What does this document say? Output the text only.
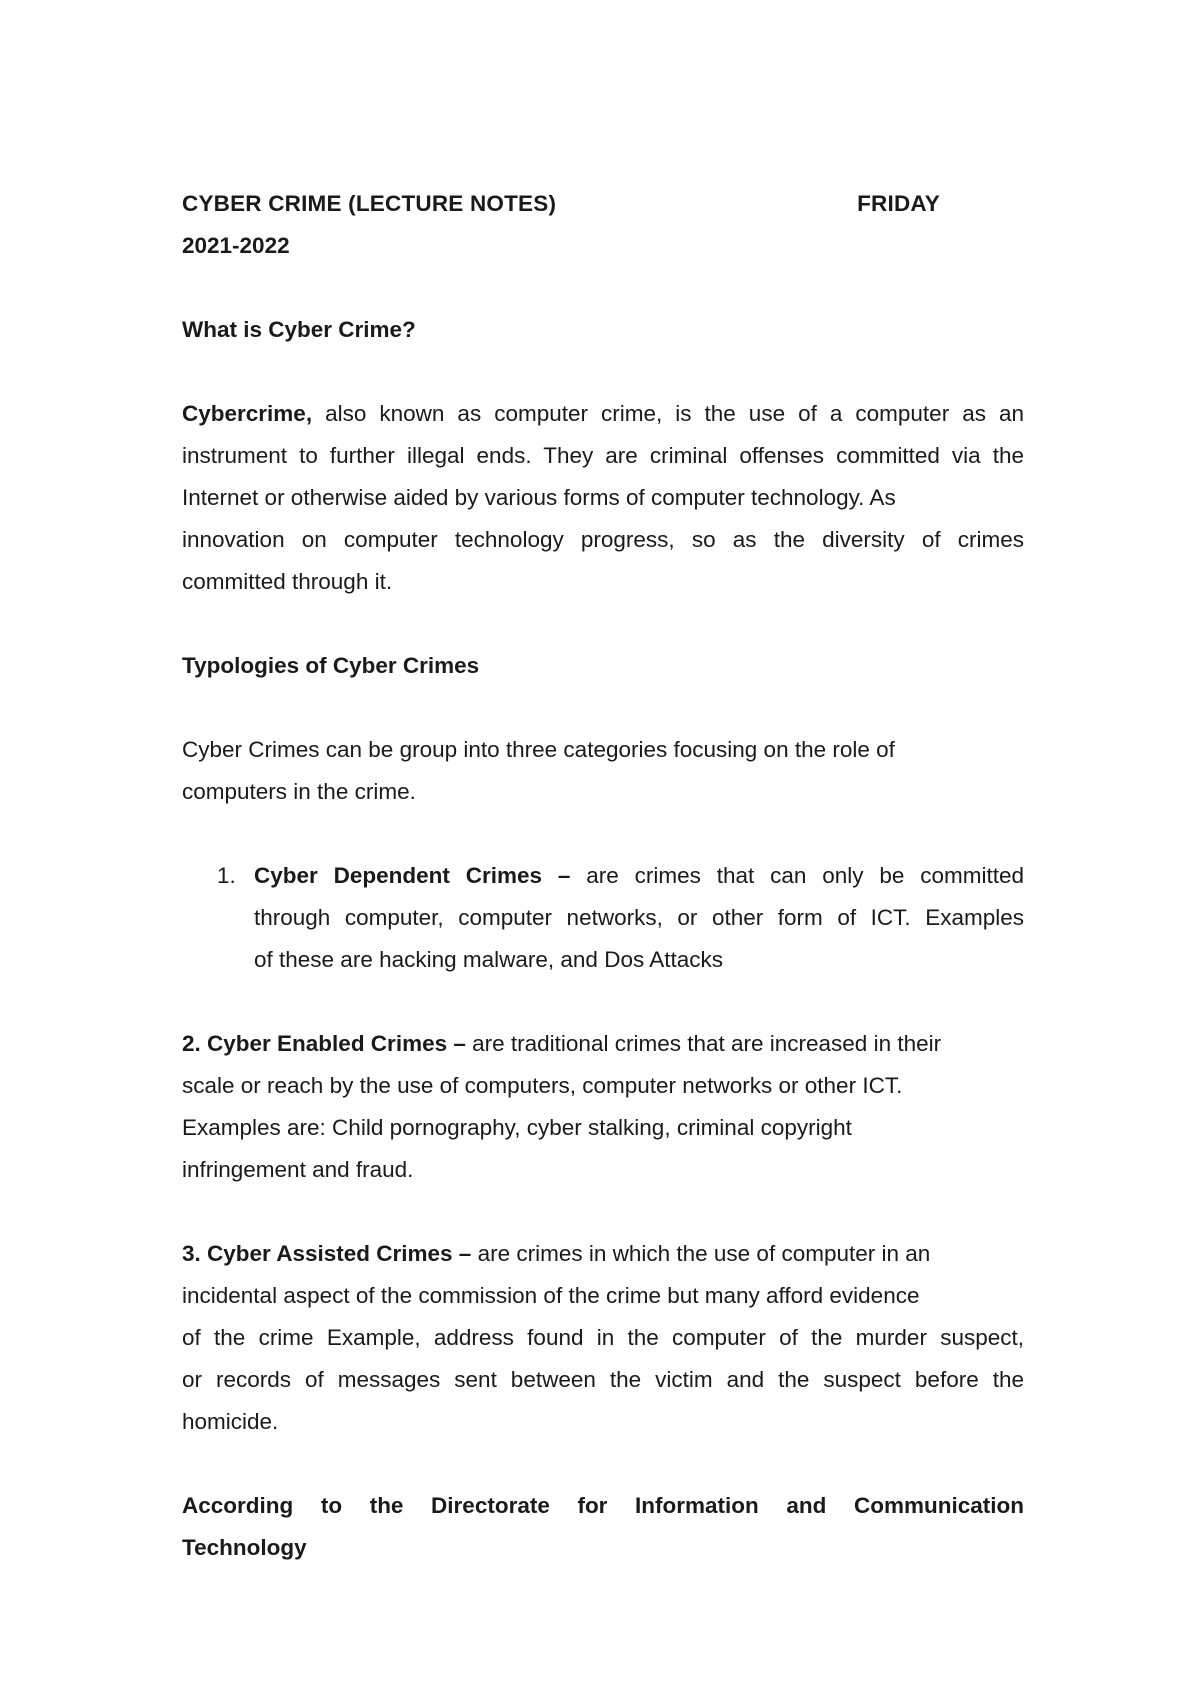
CYBER CRIME (LECTURE NOTES)	FRIDAY
2021-2022
What is Cyber Crime?
Cybercrime, also known as computer crime, is the use of a computer as an
instrument to further illegal ends. They are criminal offenses committed via the
Internet or otherwise aided by various forms of computer technology. As
innovation on computer technology progress, so as the diversity of crimes
committed through it.
Typologies of Cyber Crimes
Cyber Crimes can be group into three categories focusing on the role of
computers in the crime.
1. Cyber Dependent Crimes – are crimes that can only be committed
through computer, computer networks, or other form of ICT. Examples
of these are hacking malware, and Dos Attacks
2. Cyber Enabled Crimes – are traditional crimes that are increased in their
scale or reach by the use of computers, computer networks or other ICT.
Examples are: Child pornography, cyber stalking, criminal copyright
infringement and fraud.
3. Cyber Assisted Crimes – are crimes in which the use of computer in an
incidental aspect of the commission of the crime but many afford evidence
of the crime Example, address found in the computer of the murder suspect,
or records of messages sent between the victim and the suspect before the
homicide.
According to the Directorate for Information and Communication
Technology
